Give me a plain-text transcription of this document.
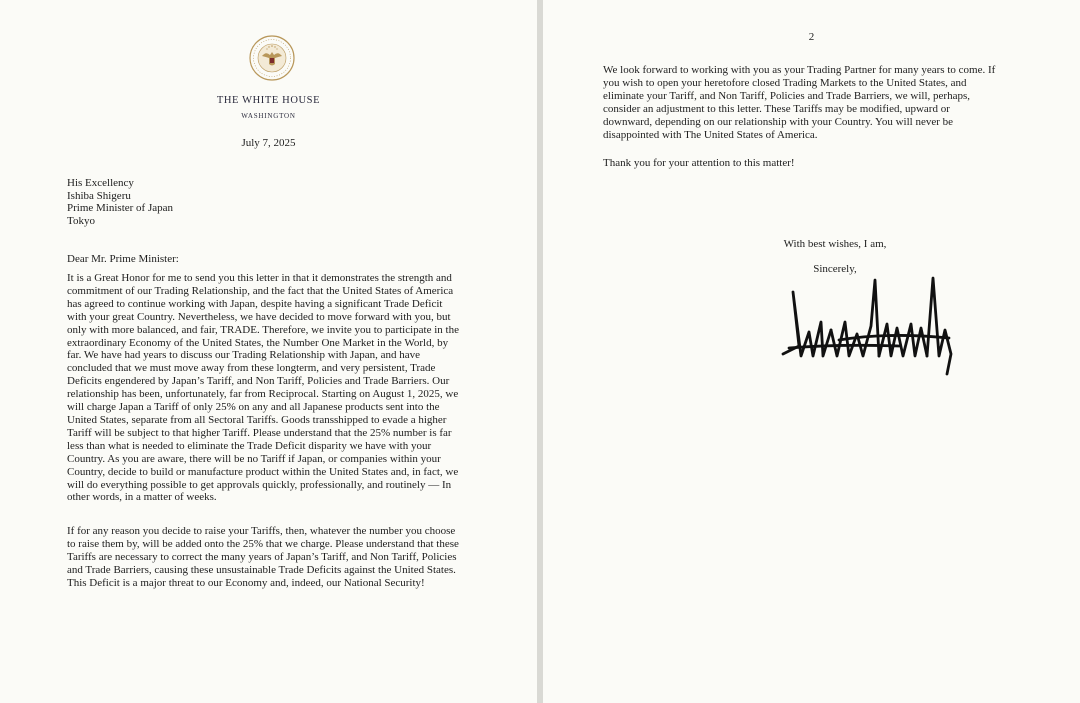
THE WHITE HOUSE
WASHINGTON
July 7, 2025
His Excellency
Ishiba Shigeru
Prime Minister of Japan
Tokyo
Dear Mr. Prime Minister:
It is a Great Honor for me to send you this letter in that it demonstrates the strength and
commitment of our Trading Relationship, and the fact that the United States of America
has agreed to continue working with Japan, despite having a significant Trade Deficit
with your great Country. Nevertheless, we have decided to move forward with you, but
only with more balanced, and fair, TRADE. Therefore, we invite you to participate in the
extraordinary Economy of the United States, the Number One Market in the World, by
far. We have had years to discuss our Trading Relationship with Japan, and have
concluded that we must move away from these longterm, and very persistent, Trade
Deficits engendered by Japan’s Tariff, and Non Tariff, Policies and Trade Barriers. Our
relationship has been, unfortunately, far from Reciprocal. Starting on August 1, 2025, we
will charge Japan a Tariff of only 25% on any and all Japanese products sent into the
United States, separate from all Sectoral Tariffs. Goods transshipped to evade a higher
Tariff will be subject to that higher Tariff. Please understand that the 25% number is far
less than what is needed to eliminate the Trade Deficit disparity we have with your
Country. As you are aware, there will be no Tariff if Japan, or companies within your
Country, decide to build or manufacture product within the United States and, in fact, we
will do everything possible to get approvals quickly, professionally, and routinely — In
other words, in a matter of weeks.
If for any reason you decide to raise your Tariffs, then, whatever the number you choose
to raise them by, will be added onto the 25% that we charge. Please understand that these
Tariffs are necessary to correct the many years of Japan’s Tariff, and Non Tariff, Policies
and Trade Barriers, causing these unsustainable Trade Deficits against the United States.
This Deficit is a major threat to our Economy and, indeed, our National Security!
2
We look forward to working with you as your Trading Partner for many years to come. If
you wish to open your heretofore closed Trading Markets to the United States, and
eliminate your Tariff, and Non Tariff, Policies and Trade Barriers, we will, perhaps,
consider an adjustment to this letter. These Tariffs may be modified, upward or
downward, depending on our relationship with your Country. You will never be
disappointed with The United States of America.
Thank you for your attention to this matter!
With best wishes, I am,
Sincerely,
